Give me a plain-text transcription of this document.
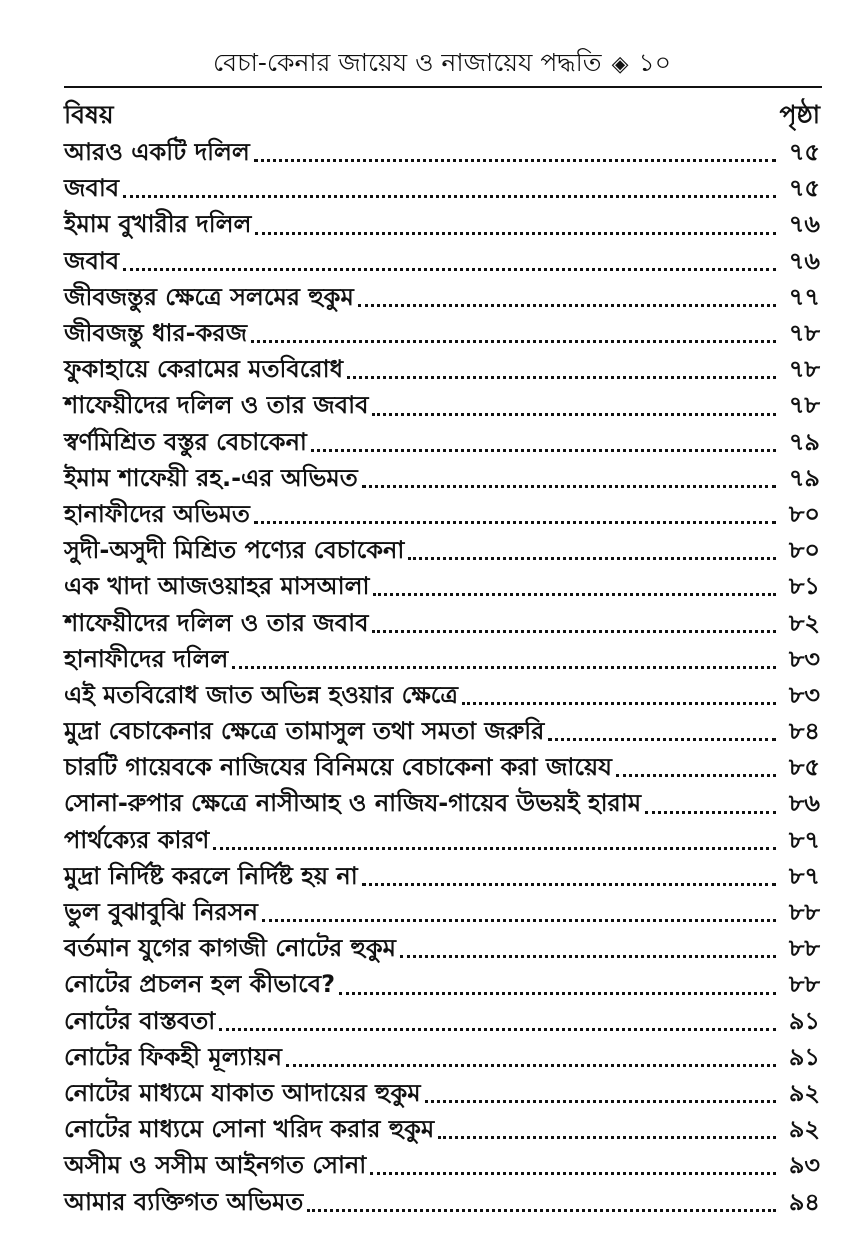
বেচা-কেনার জায়েয ও নাজায়েয পদ্ধতি ◈ ১০
বিষয়	পৃষ্ঠা
আরও একটি দলিল	৭৫
জবাব	৭৫
ইমাম বুখারীর দলিল	৭৬
জবাব	৭৬
জীবজন্তুর ক্ষেত্রে সলমের হুকুম	৭৭
জীবজন্তু ধার-করজ	৭৮
ফুকাহায়ে কেরামের মতবিরোধ	৭৮
শাফেয়ীদের দলিল ও তার জবাব	৭৮
স্বর্ণমিশ্রিত বস্তুর বেচাকেনা	৭৯
ইমাম শাফেয়ী রহ.-এর অভিমত	৭৯
হানাফীদের অভিমত	৮০
সুদী-অসুদী মিশ্রিত পণ্যের বেচাকেনা	৮০
এক খাদা আজওয়াহর মাসআলা	৮১
শাফেয়ীদের দলিল ও তার জবাব	৮২
হানাফীদের দলিল	৮৩
এই মতবিরোধ জাত অভিন্ন হওয়ার ক্ষেত্রে	৮৩
মুদ্রা বেচাকেনার ক্ষেত্রে তামাসুল তথা সমতা জরুরি	৮৪
চারটি গায়েবকে নাজিযের বিনিময়ে বেচাকেনা করা জায়েয	৮৫
সোনা-রুপার ক্ষেত্রে নাসীআহ ও নাজিয-গায়েব উভয়ই হারাম	৮৬
পার্থক্যের কারণ	৮৭
মুদ্রা নির্দিষ্ট করলে নির্দিষ্ট হয় না	৮৭
ভুল বুঝাবুঝি নিরসন	৮৮
বর্তমান যুগের কাগজী নোটের হুকুম	৮৮
নোটের প্রচলন হল কীভাবে?	৮৮
নোটের বাস্তবতা	৯১
নোটের ফিকহী মূল্যায়ন	৯১
নোটের মাধ্যমে যাকাত আদায়ের হুকুম	৯২
নোটের মাধ্যমে সোনা খরিদ করার হুকুম	৯২
অসীম ও সসীম আইনগত সোনা	৯৩
আমার ব্যক্তিগত অভিমত	৯৪
